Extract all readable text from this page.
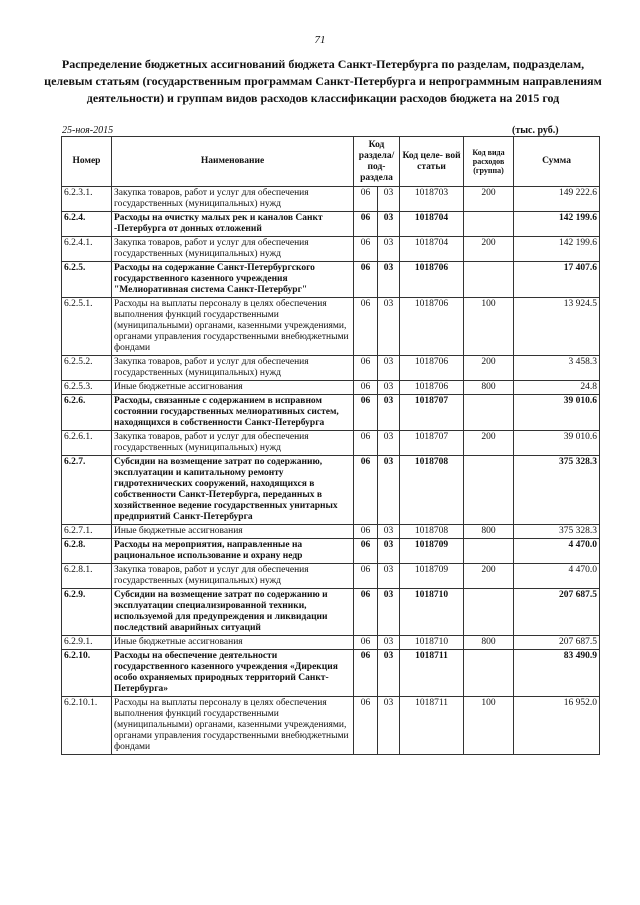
71
Распределение бюджетных ассигнований бюджета Санкт-Петербурга по разделам, подразделам, целевым статьям (государственным программам Санкт-Петербурга и непрограммным направлениям деятельности) и группам видов расходов классификации расходов бюджета на 2015 год
25-ноя-2015	(тыс. руб.)
Номер	Наименование	Код раздела/ под- раздела		Код целе- вой статьи	Код вида расходов (группа)	Сумма
6.2.3.1.	Закупка товаров, работ и услуг для обеспечения государственных (муниципальных) нужд	06	03	1018703	200	149 222.6
6.2.4.	Расходы на очистку малых рек и каналов Санкт -Петербурга от донных отложений	06	03	1018704		142 199.6
6.2.4.1.	Закупка товаров, работ и услуг для обеспечения государственных (муниципальных) нужд	06	03	1018704	200	142 199.6
6.2.5.	Расходы на содержание Санкт-Петербургского государственного казенного учреждения "Мелиоративная система Санкт-Петербург"	06	03	1018706		17 407.6
6.2.5.1.	Расходы на выплаты персоналу в целях обеспечения выполнения функций государственными (муниципальными) органами, казенными учреждениями, органами управления государственными внебюджетными фондами	06	03	1018706	100	13 924.5
6.2.5.2.	Закупка товаров, работ и услуг для обеспечения государственных (муниципальных) нужд	06	03	1018706	200	3 458.3
6.2.5.3.	Иные бюджетные ассигнования	06	03	1018706	800	24.8
6.2.6.	Расходы, связанные с содержанием в исправном состоянии государственных мелиоративных систем, находящихся в собственности Санкт-Петербурга	06	03	1018707		39 010.6
6.2.6.1.	Закупка товаров, работ и услуг для обеспечения государственных (муниципальных) нужд	06	03	1018707	200	39 010.6
6.2.7.	Субсидии на возмещение затрат по содержанию, эксплуатации и капитальному ремонту гидротехнических сооружений, находящихся в собственности Санкт-Петербурга, переданных в хозяйственное ведение государственных унитарных предприятий Санкт-Петербурга	06	03	1018708		375 328.3
6.2.7.1.	Иные бюджетные ассигнования	06	03	1018708	800	375 328.3
6.2.8.	Расходы на мероприятия, направленные на рациональное использование и охрану недр	06	03	1018709		4 470.0
6.2.8.1.	Закупка товаров, работ и услуг для обеспечения государственных (муниципальных) нужд	06	03	1018709	200	4 470.0
6.2.9.	Субсидии на возмещение затрат по содержанию и эксплуатации специализированной техники, используемой для предупреждения и ликвидации последствий аварийных ситуаций	06	03	1018710		207 687.5
6.2.9.1.	Иные бюджетные ассигнования	06	03	1018710	800	207 687.5
6.2.10.	Расходы на обеспечение деятельности государственного казенного учреждения «Дирекция особо охраняемых природных территорий Санкт-Петербурга»	06	03	1018711		83 490.9
6.2.10.1.	Расходы на выплаты персоналу в целях обеспечения выполнения функций государственными (муниципальными) органами, казенными учреждениями, органами управления государственными внебюджетными фондами	06	03	1018711	100	16 952.0
